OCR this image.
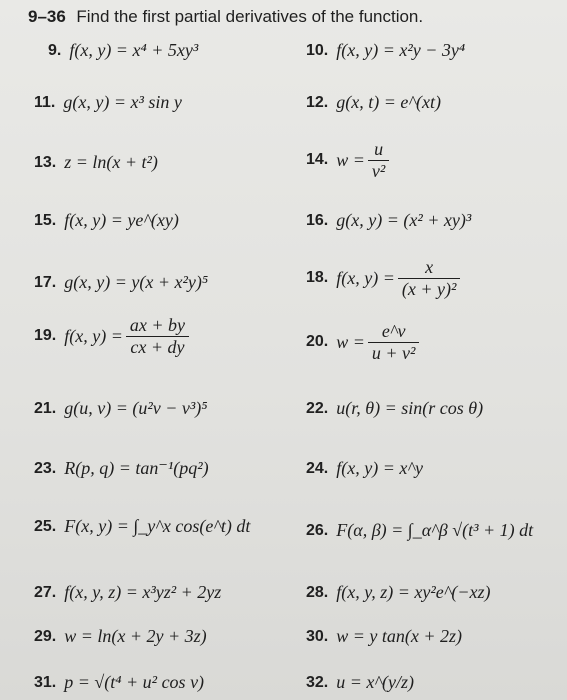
9–36 Find the first partial derivatives of the function.
9. f(x, y) = x⁴ + 5xy³	10. f(x, y) = x²y − 3y⁴
11. g(x, y) = x³ sin y	12. g(x, t) = e^(xt)
13. z = ln(x + t²)	14. $w = \frac{u}{\text{v²}}$
15. f(x, y) = ye^(xy)	16. g(x, y) = (x² + xy)³
17. g(x, y) = y(x + x²y)⁵	18. f(x, $y) = \frac{x}{\text{(x + y)²}}$
19. f(x, $y) = \frac{ax + by}{cx + dy}$	20. $w = \frac{e\^{}v}{\text{u + v²}}$
21. g(u, v) = (u²v − v³)⁵	22. u(r, θ) = sin(r cos θ)
23. R(p, q) = tan⁻¹(pq²)	24. f(x, y) = x^y
25. F(x, y) = ∫_y^x cos(e^t) dt	26. F(α, β) = ∫_α^β √(t³ + 1) dt
27. f(x, y, z) = x³yz² + 2yz	28. f(x, y, z) = xy²e^(−xz)
29. w = ln(x + 2y + 3z)	30. w = y tan(x + 2z)
31. p = √(t⁴ + u² cos v)	32. u = x^(y/z)
